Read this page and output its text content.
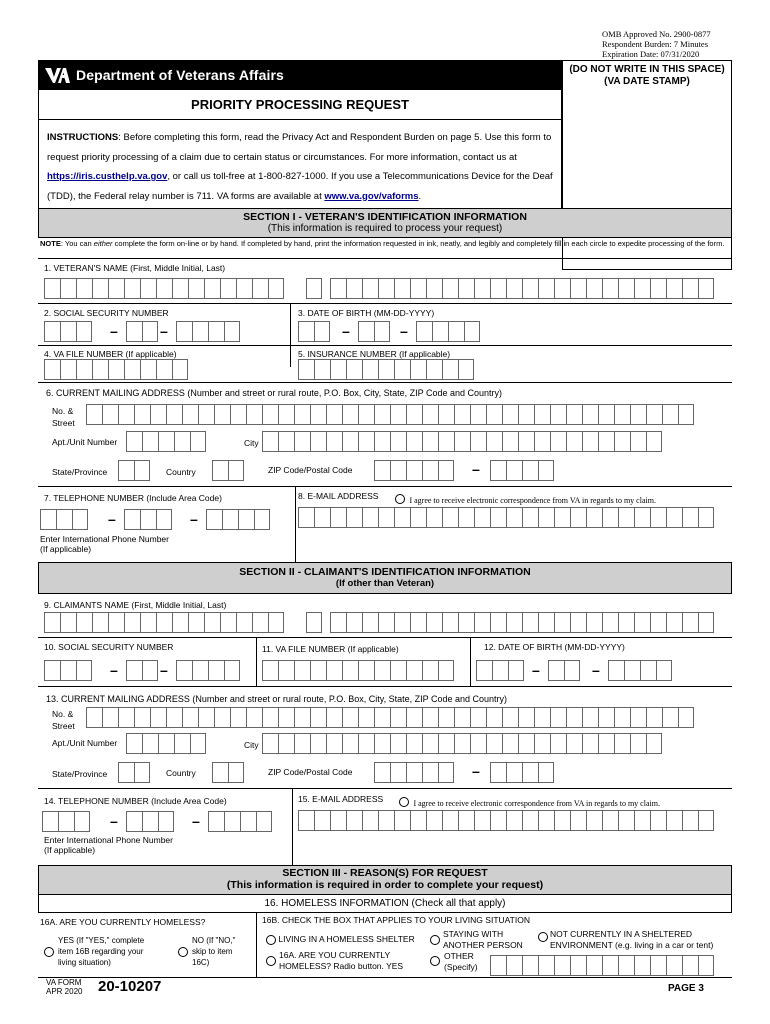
OMB Approved No. 2900-0877
Respondent Burden: 7 Minutes
Expiration Date: 07/31/2020
Department of Veterans Affairs	(DO NOT WRITE IN THIS SPACE)
(VA DATE STAMP)
PRIORITY PROCESSING REQUEST
INSTRUCTIONS: Before completing this form, read the Privacy Act and Respondent Burden on page 5. Use this form to request priority processing of a claim due to certain status or circumstances. For more information, contact us at https://iris.custhelp.va.gov, or call us toll-free at 1-800-827-1000. If you use a Telecommunications Device for the Deaf (TDD), the Federal relay number is 711. VA forms are available at www.va.gov/vaforms.
SECTION I - VETERAN'S IDENTIFICATION INFORMATION
(This information is required to process your request)
NOTE: You can either complete the form on-line or by hand. If completed by hand, print the information requested in ink, neatly, and legibly and completely fill in each circle to expedite processing of the form.
1. VETERAN'S NAME (First, Middle Initial, Last)
2. SOCIAL SECURITY NUMBER	3. DATE OF BIRTH (MM-DD-YYYY)
–	–	–	–
4. VA FILE NUMBER (If applicable)	5. INSURANCE NUMBER (If applicable)
6. CURRENT MAILING ADDRESS (Number and street or rural route, P.O. Box, City, State, ZIP Code and Country)
No. &
Street
Apt./Unit Number	City
State/Province	Country	ZIP Code/Postal Code	–
7. TELEPHONE NUMBER (Include Area Code)	8. E-MAIL ADDRESS	I agree to receive electronic correspondence from VA in regards to my claim.
–	–
Enter International Phone Number
(If applicable)
SECTION II - CLAIMANT'S IDENTIFICATION INFORMATION
(If other than Veteran)
9. CLAIMANTS NAME (First, Middle Initial, Last)
10. SOCIAL SECURITY NUMBER	11. VA FILE NUMBER (If applicable)	12. DATE OF BIRTH (MM-DD-YYYY)
–	–	–	–
13. CURRENT MAILING ADDRESS (Number and street or rural route, P.O. Box, City, State, ZIP Code and Country)
No. &
Street
Apt./Unit Number	City
State/Province	Country	ZIP Code/Postal Code	–
14. TELEPHONE NUMBER (Include Area Code)	15. E-MAIL ADDRESS	I agree to receive electronic correspondence from VA in regards to my claim.
–	–
Enter International Phone Number
(If applicable)
SECTION III - REASON(S) FOR REQUEST
(This information is required in order to complete your request)
16. HOMELESS INFORMATION (Check all that apply)
16A. ARE YOU CURRENTLY HOMELESS?
YES (If "YES," complete
item 16B regarding your
living situation)
NO (If "NO,"
skip to item
16C)
16B. CHECK THE BOX THAT APPLIES TO YOUR LIVING SITUATION
LIVING IN A HOMELESS SHELTER	STAYING WITH
ANOTHER PERSON
NOT CURRENTLY IN A SHELTERED
ENVIRONMENT (e.g. living in a car or tent)
16A. ARE YOU CURRENTLY
HOMELESS? Radio button. YES
OTHER
(Specify)
VA FORM
APR 2020 20-10207	PAGE 3
